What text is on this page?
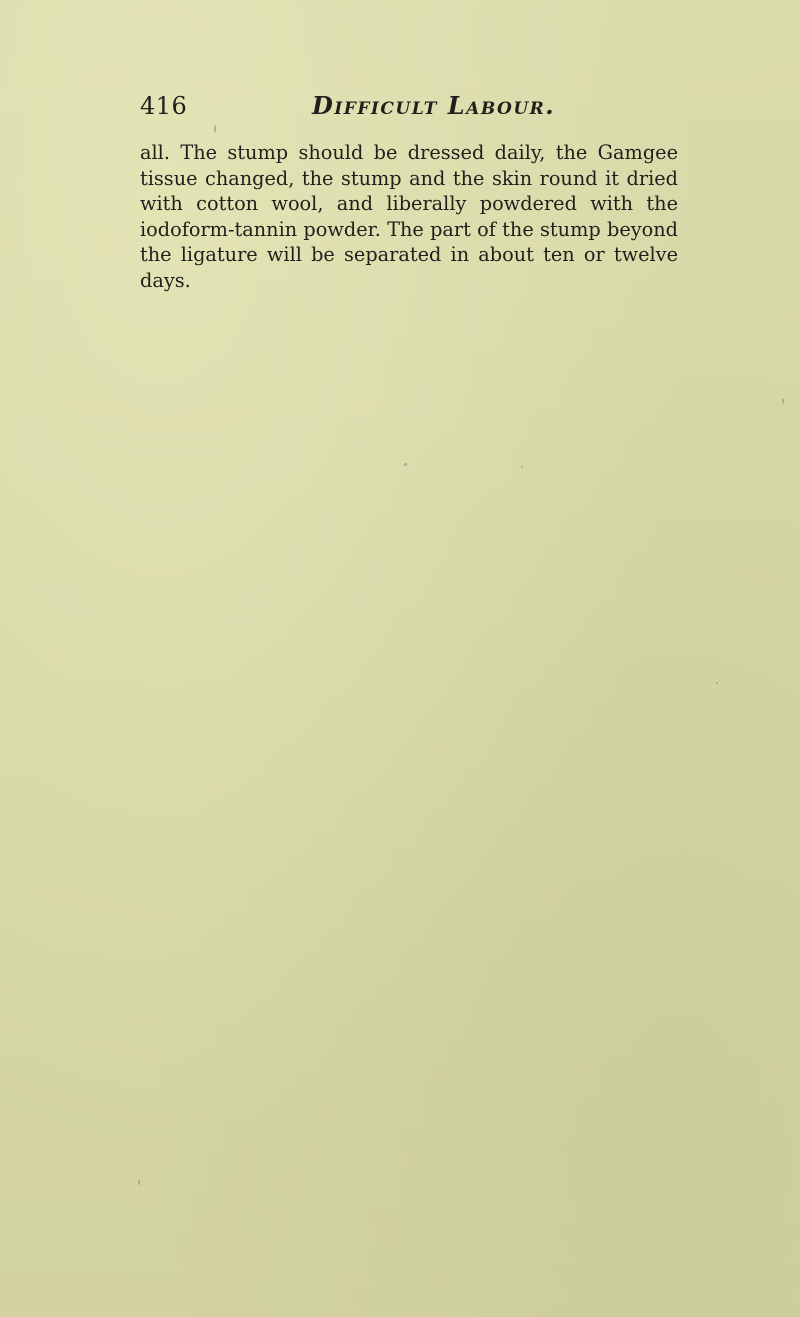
416	Difficult Labour.

all. The stump should be dressed daily, the Gamgee tissue changed, the stump and the skin round it dried with cotton wool, and liberally powdered with the iodoform-tannin powder. The part of the stump beyond the ligature will be separated in about ten or twelve days.
